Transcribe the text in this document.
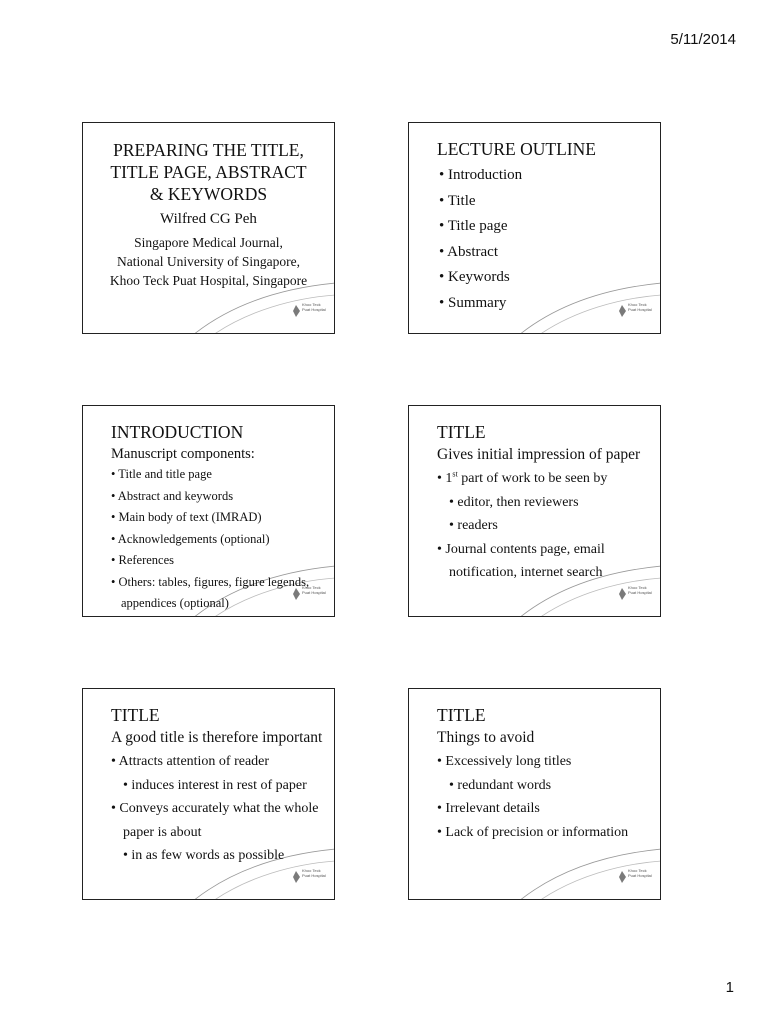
5/11/2014
Khoo Teck Puat Hospital
PREPARING THE TITLE,
TITLE PAGE, ABSTRACT
& KEYWORDS
Wilfred CG Peh
Singapore Medical Journal,
National University of Singapore,
Khoo Teck Puat Hospital, Singapore
Khoo Teck Puat Hospital
LECTURE OUTLINE
• Introduction
• Title
• Title page
• Abstract
• Keywords
• Summary
Khoo Teck Puat Hospital
INTRODUCTION
Manuscript components:
• Title and title page
• Abstract and keywords
• Main body of text (IMRAD)
• Acknowledgements (optional)
• References
• Others: tables, figures, figure legends,
appendices (optional)
Khoo Teck Puat Hospital
TITLE
Gives initial impression of paper
• 1st part of work to be seen by
• editor, then reviewers
• readers
• Journal contents page, email
notification, internet search
Khoo Teck Puat Hospital
TITLE
A good title is therefore important
• Attracts attention of reader
• induces interest in rest of paper
• Conveys accurately what the whole
paper is about
• in as few words as possible
Khoo Teck Puat Hospital
TITLE
Things to avoid
• Excessively long titles
• redundant words
• Irrelevant details
• Lack of precision or information
1
